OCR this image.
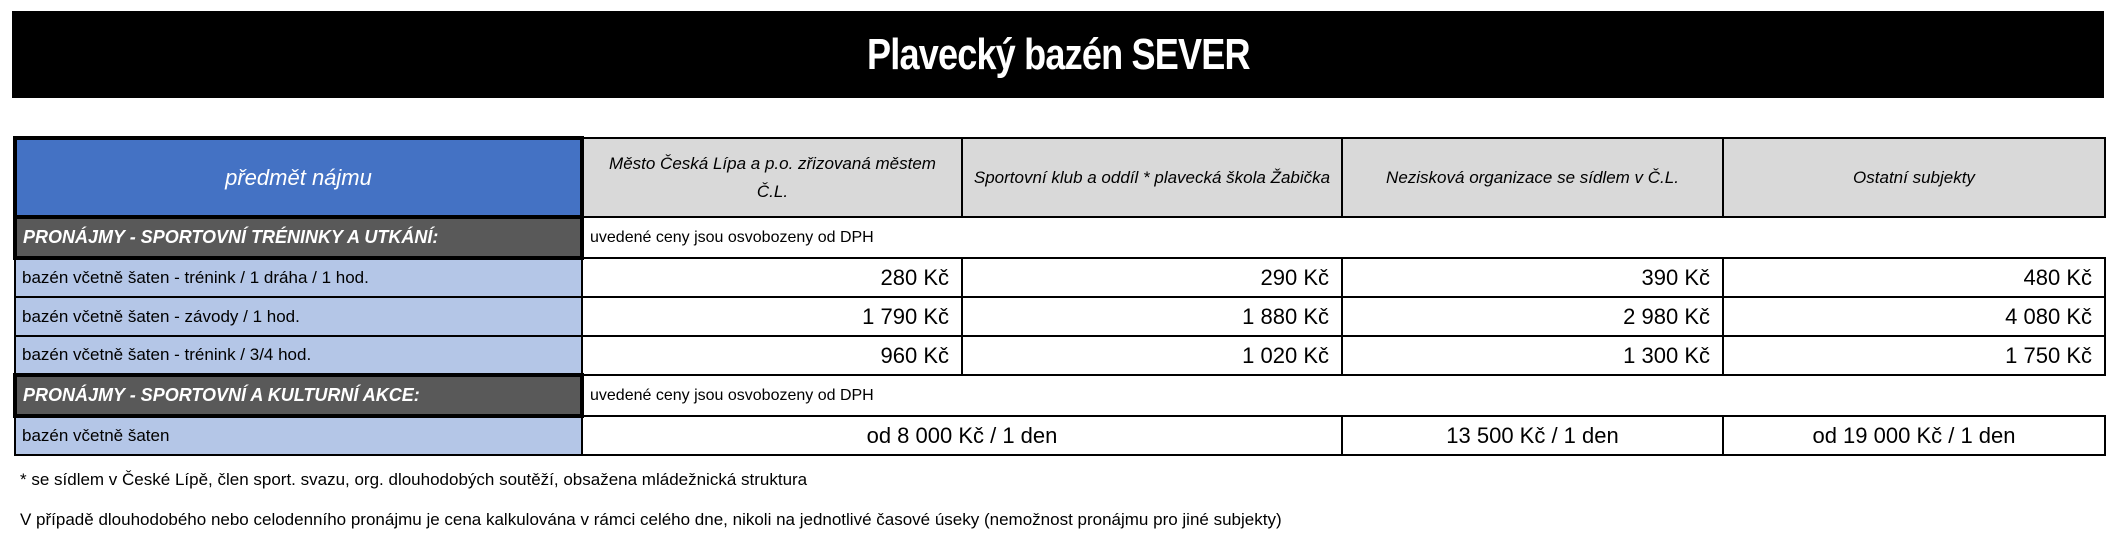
Plavecký bazén SEVER
předmět nájmu	Město Česká Lípa a p.o. zřizovaná městem Č.L.	Sportovní klub a oddíl * plavecká škola Žabička	Nezisková organizace se sídlem v Č.L.	Ostatní subjekty
PRONÁJMY - SPORTOVNÍ TRÉNINKY A UTKÁNÍ:	uvedené ceny jsou osvobozeny od DPH			
bazén včetně šaten - trénink / 1 dráha / 1 hod.	280 Kč	290 Kč	390 Kč	480 Kč
bazén včetně šaten - závody / 1 hod.	1 790 Kč	1 880 Kč	2 980 Kč	4 080 Kč
bazén včetně šaten - trénink / 3/4 hod.	960 Kč	1 020 Kč	1 300 Kč	1 750 Kč
PRONÁJMY - SPORTOVNÍ A KULTURNÍ AKCE:	uvedené ceny jsou osvobozeny od DPH			
bazén včetně šaten	od 8 000 Kč / 1 den		13 500 Kč / 1 den	od 19 000 Kč / 1 den
* se sídlem v České Lípě, člen sport. svazu, org. dlouhodobých soutěží, obsažena mládežnická struktura
V případě dlouhodobého nebo celodenního pronájmu je cena kalkulována v rámci celého dne, nikoli na jednotlivé časové úseky (nemožnost pronájmu pro jiné subjekty)
